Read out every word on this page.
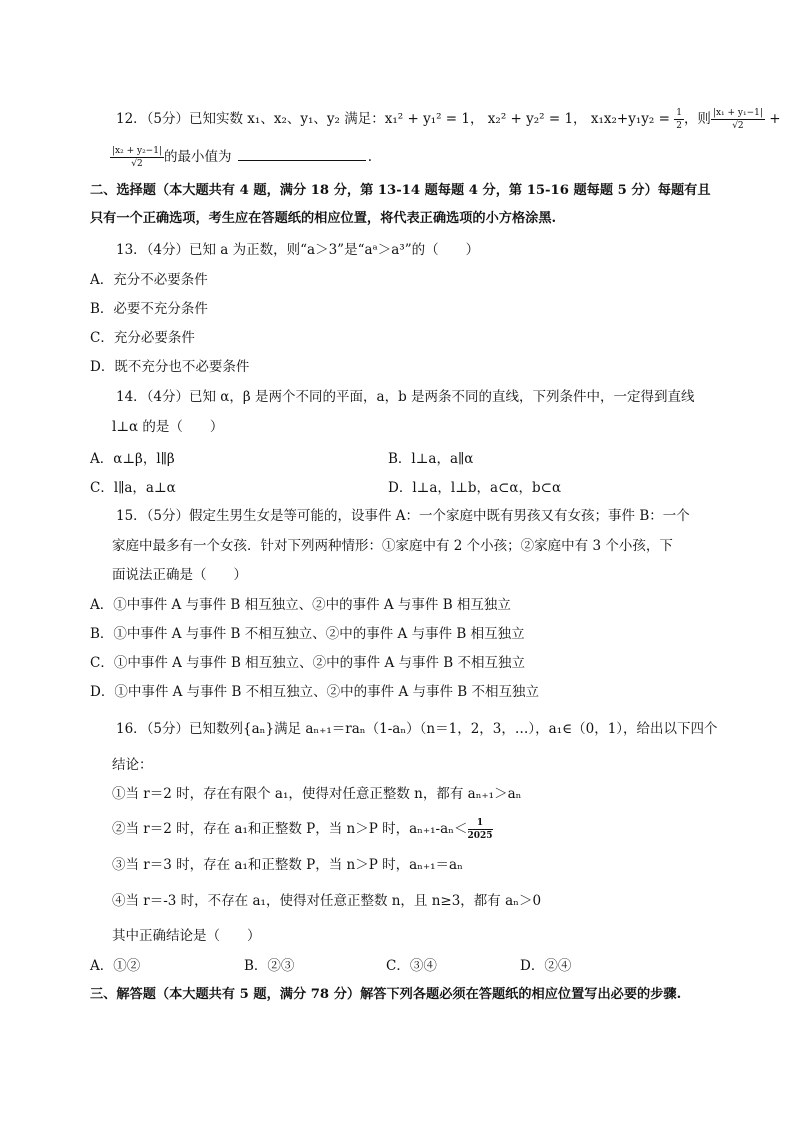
12．（5分）已知实数 x₁、x₂、y₁、y₂ 满足：x₁² + y₁² = 1， x₂² + y₂² = 1， $x_1x_2+y_1y_2 = \frac{1}{2}$ ，则 $\frac{\text{|x₁ + y₁−1|}}{√2}$ +
$\frac{\text{|x₂ + y₂−1|}}{√2}$ 的最小值为	.
二、选择题（本大题共有 4 题，满分 18 分，第 13-14 题每题 4 分，第 15-16 题每题 5 分）每题有且
只有一个正确选项，考生应在答题纸的相应位置，将代表正确选项的小方格涂黑.
13．（4分）已知 a 为正数，则“a＞3”是“aᵃ＞a³”的（　　）
A．充分不必要条件
B．必要不充分条件
C．充分必要条件
D．既不充分也不必要条件
14．（4分）已知 α，β 是两个不同的平面，a，b 是两条不同的直线，下列条件中，一定得到直线
l⊥α 的是（　　）
A．α⊥β，l∥β	B．l⊥a，a∥α
C．l∥a，a⊥α	D．l⊥a，l⊥b，a⊂α，b⊂α
15．（5分）假定生男生女是等可能的，设事件 A：一个家庭中既有男孩又有女孩；事件 B：一个
家庭中最多有一个女孩．针对下列两种情形：①家庭中有 2 个小孩；②家庭中有 3 个小孩，下
面说法正确是（　　）
A．①中事件 A 与事件 B 相互独立、②中的事件 A 与事件 B 相互独立
B．①中事件 A 与事件 B 不相互独立、②中的事件 A 与事件 B 相互独立
C．①中事件 A 与事件 B 相互独立、②中的事件 A 与事件 B 不相互独立
D．①中事件 A 与事件 B 不相互独立、②中的事件 A 与事件 B 不相互独立
16．（5分）已知数列{aₙ}满足 aₙ₊₁＝raₙ（1-aₙ）（n＝1，2，3，…），a₁∈（0，1），给出以下四个
结论：
①当 r＝2 时，存在有限个 a₁，使得对任意正整数 n，都有 aₙ₊₁＞aₙ
②当 r＝2 时，存在 a₁和正整数 P，当 n＞P 时，$a_{n+1}-a_n< \frac{1}{2025}$
③当 r＝3 时，存在 a₁和正整数 P，当 n＞P 时，aₙ₊₁＝aₙ
④当 r＝-3 时，不存在 a₁，使得对任意正整数 n，且 n≥3，都有 aₙ＞0
其中正确结论是（　　）
A．①②	B．②③	C．③④	D．②④
三、解答题（本大题共有 5 题，满分 78 分）解答下列各题必须在答题纸的相应位置写出必要的步骤.
